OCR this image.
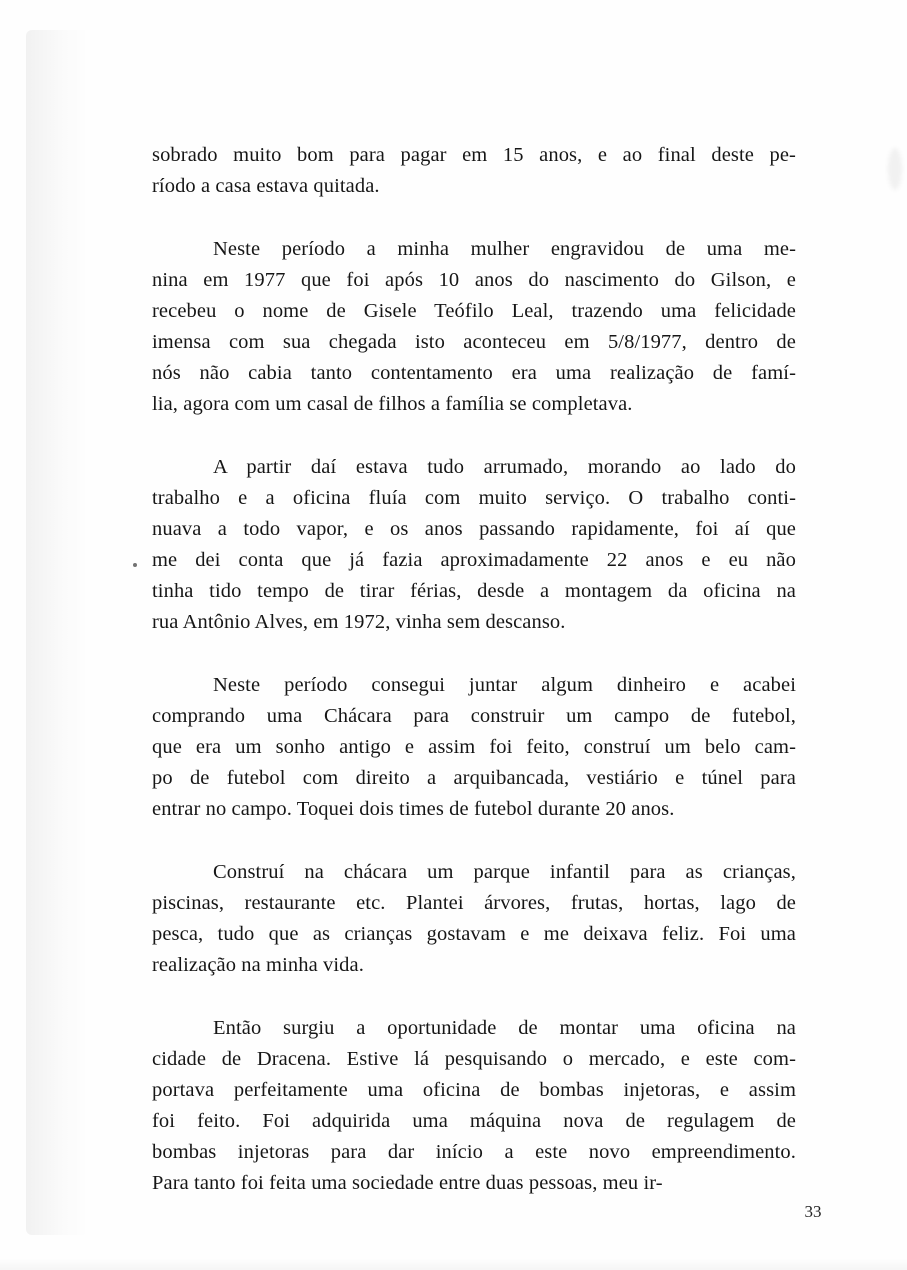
sobrado muito bom para pagar em 15 anos, e ao final deste pe-
ríodo a casa estava quitada.

Neste período a minha mulher engravidou de uma me-
nina em 1977 que foi após 10 anos do nascimento do Gilson, e
recebeu o nome de Gisele Teófilo Leal, trazendo uma felicidade
imensa com sua chegada isto aconteceu em 5/8/1977, dentro de
nós não cabia tanto contentamento era uma realização de famí-
lia, agora com um casal de filhos a família se completava.

A partir daí estava tudo arrumado, morando ao lado do
trabalho e a oficina fluía com muito serviço. O trabalho conti-
nuava a todo vapor, e os anos passando rapidamente, foi aí que
me dei conta que já fazia aproximadamente 22 anos e eu não
tinha tido tempo de tirar férias, desde a montagem da oficina na
rua Antônio Alves, em 1972, vinha sem descanso.

Neste período consegui juntar algum dinheiro e acabei
comprando uma Chácara para construir um campo de futebol,
que era um sonho antigo e assim foi feito, construí um belo cam-
po de futebol com direito a arquibancada, vestiário e túnel para
entrar no campo. Toquei dois times de futebol durante 20 anos.

Construí na chácara um parque infantil para as crianças,
piscinas, restaurante etc. Plantei árvores, frutas, hortas, lago de
pesca, tudo que as crianças gostavam e me deixava feliz. Foi uma
realização na minha vida.

Então surgiu a oportunidade de montar uma oficina na
cidade de Dracena. Estive lá pesquisando o mercado, e este com-
portava perfeitamente uma oficina de bombas injetoras, e assim
foi feito. Foi adquirida uma máquina nova de regulagem de
bombas injetoras para dar início a este novo empreendimento.
Para tanto foi feita uma sociedade entre duas pessoas, meu ir-

33
